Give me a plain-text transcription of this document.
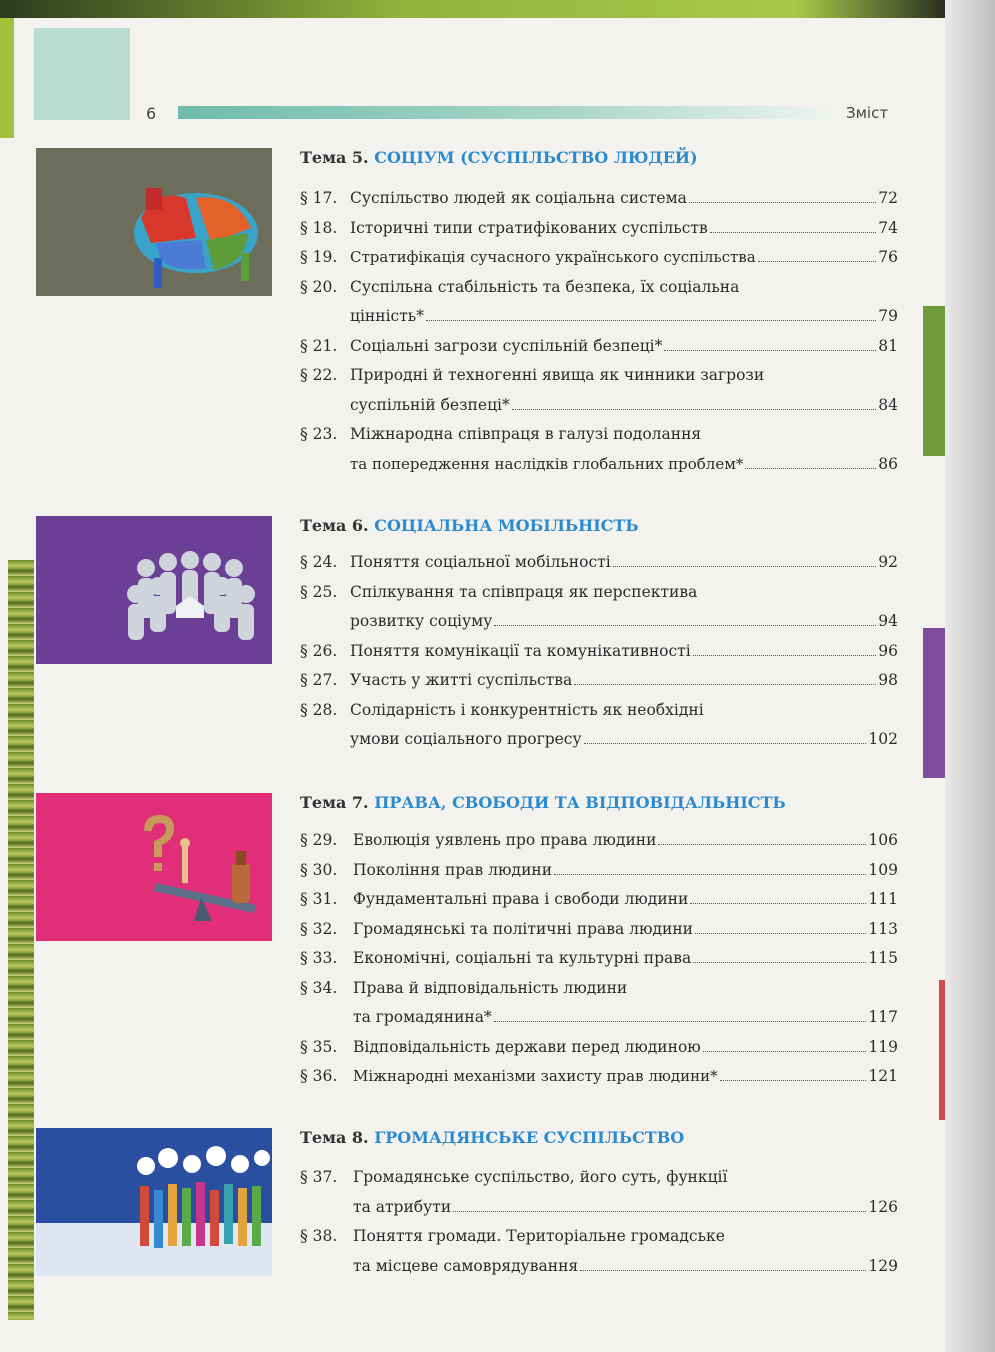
6	Зміст
Тема 5. СОЦІУМ (СУСПІЛЬСТВО ЛЮДЕЙ)
§ 17. Суспільство людей як соціальна система	72
§ 18. Історичні типи стратифікованих суспільств	74
§ 19. Стратифікація сучасного українського суспільства	76
§ 20. Суспільна стабільність та безпека, їх соціальна
цінність*	79
§ 21. Соціальні загрози суспільній безпеці*	81
§ 22. Природні й техногенні явища як чинники загрози
суспільній безпеці*	84
§ 23. Міжнародна співпраця в галузі подолання
та попередження наслідків глобальних проблем*	86
Тема 6. СОЦІАЛЬНА МОБІЛЬНІСТЬ
§ 24. Поняття соціальної мобільності	92
§ 25. Спілкування та співпраця як перспектива
розвитку соціуму	94
§ 26. Поняття комунікації та комунікативності	96
§ 27. Участь у житті суспільства	98
§ 28. Солідарність і конкурентність як необхідні
умови соціального прогресу	102
Тема 7. ПРАВА, СВОБОДИ ТА ВІДПОВІДАЛЬНІСТЬ
§ 29.	Еволюція уявлень про права людини	106
§ 30.	Покоління прав людини	109
§ 31.	Фундаментальні права і свободи людини	111
§ 32.	Громадянські та політичні права людини	113
§ 33.	Економічні, соціальні та культурні права	115
§ 34.	Права й відповідальність людини
та громадянина*	117
§ 35.	Відповідальність держави перед людиною	119
§ 36.	Міжнародні механізми захисту прав людини*	121
Тема 8. ГРОМАДЯНСЬКЕ СУСПІЛЬСТВО
§ 37.	Громадянське суспільство, його суть, функції
та атрибути	126
§ 38.	Поняття громади. Територіальне громадське
та місцеве самоврядування	129
